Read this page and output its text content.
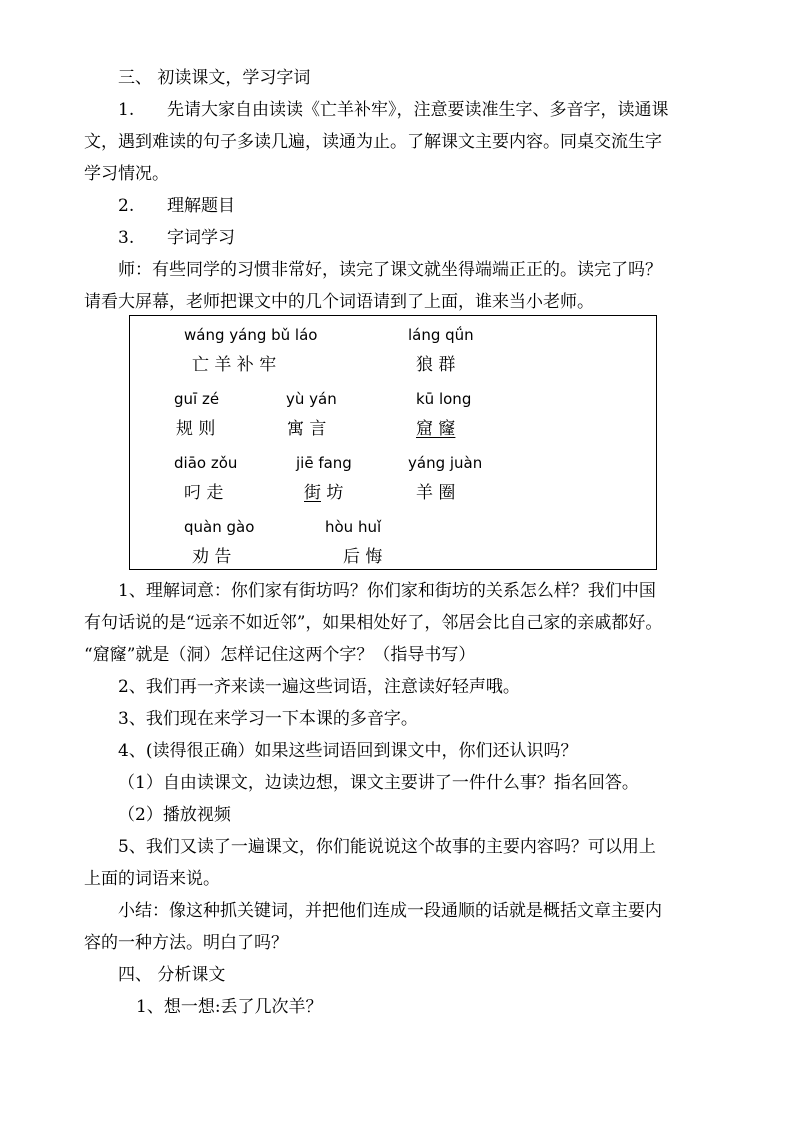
三、 初读课文，学习字词
1. 先请大家自由读读《亡羊补牢》，注意要读准生字、多音字，读通课
文，遇到难读的句子多读几遍，读通为止。了解课文主要内容。同桌交流生字
学习情况。
2. 理解题目
3. 字词学习
师：有些同学的习惯非常好，读完了课文就坐得端端正正的。读完了吗？
请看大屏幕，老师把课文中的几个词语请到了上面，谁来当小老师。
wáng yáng bǔ láo
亡 羊 补 牢
láng qǘn
狼 群
guī zé
规 则
yù yán
寓 言
kū long
窟 窿
diāo zǒu
叼 走
jiē fang
街 坊
yáng juàn
羊 圈
quàn gào
劝 告
hòu huǐ
后 悔
1、理解词意：你们家有街坊吗？你们家和街坊的关系怎么样？我们中国
有句话说的是“远亲不如近邻”，如果相处好了，邻居会比自己家的亲戚都好。
“窟窿”就是（洞）怎样记住这两个字？（指导书写）
2、我们再一齐来读一遍这些词语，注意读好轻声哦。
3、我们现在来学习一下本课的多音字。
4、(读得很正确）如果这些词语回到课文中，你们还认识吗？
（1）自由读课文，边读边想，课文主要讲了一件什么事？指名回答。
（2）播放视频
5、我们又读了一遍课文，你们能说说这个故事的主要内容吗？可以用上
上面的词语来说。
小结：像这种抓关键词，并把他们连成一段通顺的话就是概括文章主要内
容的一种方法。明白了吗？
四、 分析课文
1、想一想:丢了几次羊？
